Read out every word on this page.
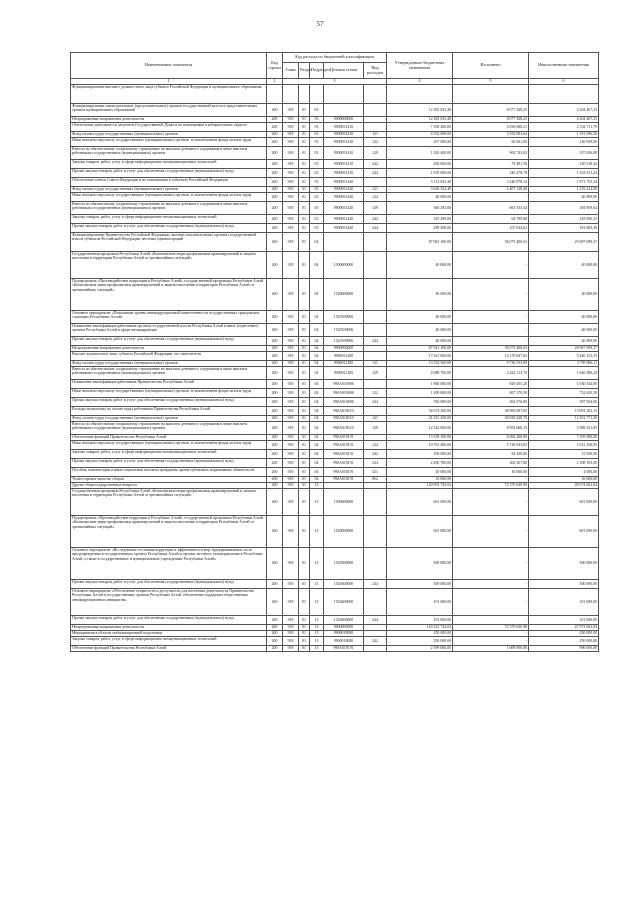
57
Наименование показателя	Код строки	Код расхода по бюджетной классификации					Утвержденные бюджетные назначения	Исполнено	Неисполненные назначения
		Глава	Раздел	Подраздел	Целевая статья	Вид расходов			
1	2	3					4	5	6
Функционирование высшего должностного лица субъекта Российской Федерации и муниципального образования									
Функционирование законодательных (представительных) органов государственной власти и представительных органов муниципальных образований	200	918	01	03			12 282 035,48	8 077 568,25	4 204 467,23
Непрограммные направления деятельности	200	918	01	03	9900000000		12 282 035,48	8 077 568,25	4 204 467,23
Обеспечение деятельности депутатов Государственной Думы и их помощников в избирательных округах	200	918	01	03	9900051410		7 169 400,00	4 836 688,21	2 332 711,79
Фонд оплаты труда государственных (муниципальных) органов	200	918	01	03	9900051410	121	4 532 000,00	3 352 903,64	1 181 096,36
Иные выплаты персоналу государственных (муниципальных) органов, за исключением фонда оплаты труда	200	918	01	03	9900051410	122	207 000,00	60 061,00	146 939,00
Взносы по обязательному социальному страхованию на выплаты денежного содержания и иные выплаты работникам государственных (муниципальных) органов	200	918	01	03	9900051410	129	1 320 400,00	962 743,92	357 656,08
Закупка товаров, работ, услуг в сфере информационно-коммуникационных технологий	200	918	01	03	9900051410	242	200 000,00	79 481,56	120 518,44
Прочая закупка товаров, работ и услуг для обеспечения государственных (муниципальных) нужд	200	918	01	03	9900051410	244	1 670 000,00	346 478,78	1 323 521,22
Обеспечение членов Совета Федерации и их помощников в субъектах Российской Федерации	200	918	01	03	9900051420		5 112 635,48	3 240 878,14	1 871 755,34
Фонд оплаты труда государственных (муниципальных) органов	200	918	01	03	9900051420	121	3 626 352,40	2 407 128,40	1 219 224,00
Иные выплаты персоналу государственных (муниципальных) органов, за исключением фонда оплаты труда	200	918	01	03	9900051420	122	40 000,00	-	40 000,00
Взносы по обязательному социальному страхованию на выплаты денежного содержания и иные выплаты работникам государственных (муниципальных) органов	200	918	01	03	9900051420	129	946 293,08	661 333,44	284 959,64
Закупка товаров, работ, услуг в сфере информационно-коммуникационных технологий	200	918	01	03	9900051420	242	210 490,00	64 799,68	145 690,32
Прочая закупка товаров, работ и услуг для обеспечения государственных (муниципальных) нужд	200	918	01	03	9900051420	244	289 500,00	107 634,62	181 865,38
Функционирование Правительства Российской Федерации, высших исполнительных органов государственной власти субъектов Российской Федерации, местных администраций	200	918	01	04			87 081 100,00	58 073 400,63	29 007 699,37
Государственная программа Республики Алтай «Комплексные меры профилактики правонарушений и защиты населения и территории Республики Алтай от чрезвычайных ситуаций»	200	918	01	04	1500000000		40 000,00	-	40 000,00
Подпрограмма «Противодействие коррупции в Республике Алтай» государственной программы Республики Алтай «Комплексные меры профилактики правонарушений и защиты населения и территории Республики Алтай от чрезвычайных ситуаций»	200	918	01	04	1520000000		40 000,00	-	40 000,00
Основное мероприятие «Повышение уровня антикоррупционной компетентности государственных гражданских служащих Республики Алтай»	200	918	01	04	1520100000		40 000,00	-	40 000,00
Повышение квалификации работников органов государственной власти Республики Алтай и иных (отраслевых) органов Республики Алтай в сфере антикоррупции	200	918	01	04	1520100006		40 000,00	-	40 000,00
Прочая закупка товаров, работ и услуг для обеспечения государственных (муниципальных) нужд	200	918	01	04	1520100006	244	40 000,00	-	40 000,00
Непрограммные направления деятельности	200	918	01	04	9900000000		87 041 100,00	58 073 400,63	28 967 699,37
Высшее должностное лицо субъекта Российской Федерации, его заместители	200	918	01	04	9900011200		17 611 000,00	12 170 847,65	5 440 152,35
Фонд оплаты труда государственных (муниципальных) органов	200	918	01	04	9900011200	121	13 532 500,00	9 736 533,89	3 795 966,11
Взносы по обязательному социальному страхованию на выплаты денежного содержания и иные выплаты работникам государственных (муниципальных) органов	200	918	01	04	9900011200	129	4 088 700,00	2 442 113,76	1 646 586,24
Повышение квалификации работников Правительства Республики Алтай	200	918	01	04	990А010006		1 860 000,00	829 455,20	1 030 544,80
Иные выплаты персоналу государственных (муниципальных) органов, за исключением фонда оплаты труда	200	918	01	04	990А010006	122	1 200 000,00	467 379,50	732 620,50
Прочая закупка товаров, работ и услуг для обеспечения государственных (муниципальных) нужд	200	918	01	04	990А010006	244	760 000,00	362 076,00	397 924,00
Расходы на выплаты по оплате труда работников Правительства Республики Алтай	200	918	01	04	990А018110		54 074 200,00	38 983 097,85	15 091 102,15
Фонд оплаты труда государственных (муниципальных) органов	200	918	01	04	990А018110	121	41 531 200,00	30 029 428,70	11 501 771,30
Взносы по обязательному социальному страхованию на выплаты денежного содержания и иные выплаты работникам государственных (муниципальных) органов	200	918	01	04	990А018110	129	12 542 000,00	8 953 668,15	3 589 331,85
Обеспечение функций Правительства Республики Алтай	200	918	01	04	990А018191		13 358 100,00	6 062 200,00	7 295 900,00
Иные выплаты персоналу государственных (муниципальных) органов, за исключением фонда оплаты труда	200	918	01	04	990А018191	122	10 761 400,00	5 749 043,05	5 012 356,95
Закупка товаров, работ, услуг в сфере информационно-коммуникационных технологий	200	918	01	04	990А018191	242	100 000,00	84 450,00	15 550,00
Прочая закупка товаров, работ и услуг для обеспечения государственных (муниципальных) нужд	200	918	01	04	990А018191	244	2 490 700,00	302 507,00	2 188 193,00
Пособия, компенсации и иные социальные выплаты гражданам, кроме публичных нормативных обязательств	200	918	01	04	990А018191	321	20 000,00	16 000,00	4 000,00
Уплата прочих налогов, сборов	200	918	01	04	990А018191	852	16 000,00	-	16 000,00
Другие общегосударственные вопросы	200	918	01	13			120 953 743,02	72 379 630,98	48 574 062,04
Государственная программа Республики Алтай «Комплексные меры профилактики правонарушений и защиты населения и территории Республики Алтай от чрезвычайных ситуаций»	200	918	01	13	1500000000		601 000,00	-	601 000,00
Подпрограмма «Противодействие коррупции в Республике Алтай» государственной программы Республики Алтай «Комплексные меры профилактики правонарушений и защиты населения и территории Республики Алтай от чрезвычайных ситуаций»	200	918	01	13	1520000000		601 000,00	-	601 000,00
Основное мероприятие «Исследование состояния коррупции и эффективности мер, предпринимаемых по ее предупреждению в государственных органах Республики Алтай и органах местного самоуправления в Республике Алтай, а также в государственных и муниципальных учреждениях Республики Алтай»	200	918	01	13	1520300000		500 000,00	-	500 000,00
Прочая закупка товаров, работ и услуг для обеспечения государственных (муниципальных) нужд	200	918	01	13	1520300000	244	500 000,00	-	500 000,00
Основное мероприятие «Обеспечение открытости и доступности для населения деятельности Правительства Республики Алтай и государственных органов Республики Алтай, обеспечение поддержки общественных антикоррупционных инициатив»	200	918	01	13	1520400000		101 000,00	-	101 000,00
Прочая закупка товаров, работ и услуг для обеспечения государственных (муниципальных) нужд	200	918	01	13	1520400000	244	101 000,00	-	101 000,00
Непрограммные направления деятельности	200	918	01	13	9900000000		120 352 743,02	72 379 630,98	47 973 062,04
Мероприятия в области мобилизационной подготовки	200	918	01	13	9900018080		250 000,00	-	250 000,00
Закупка товаров, работ, услуг в сфере информационно-коммуникационных технологий	200	918	01	13	9900018080	242	250 000,00	-	250 000,00
Обеспечение функций Правительства Республики Алтай	200	918	01	13	990А018191		2 599 000,00	1 609 000,00	990 000,00
